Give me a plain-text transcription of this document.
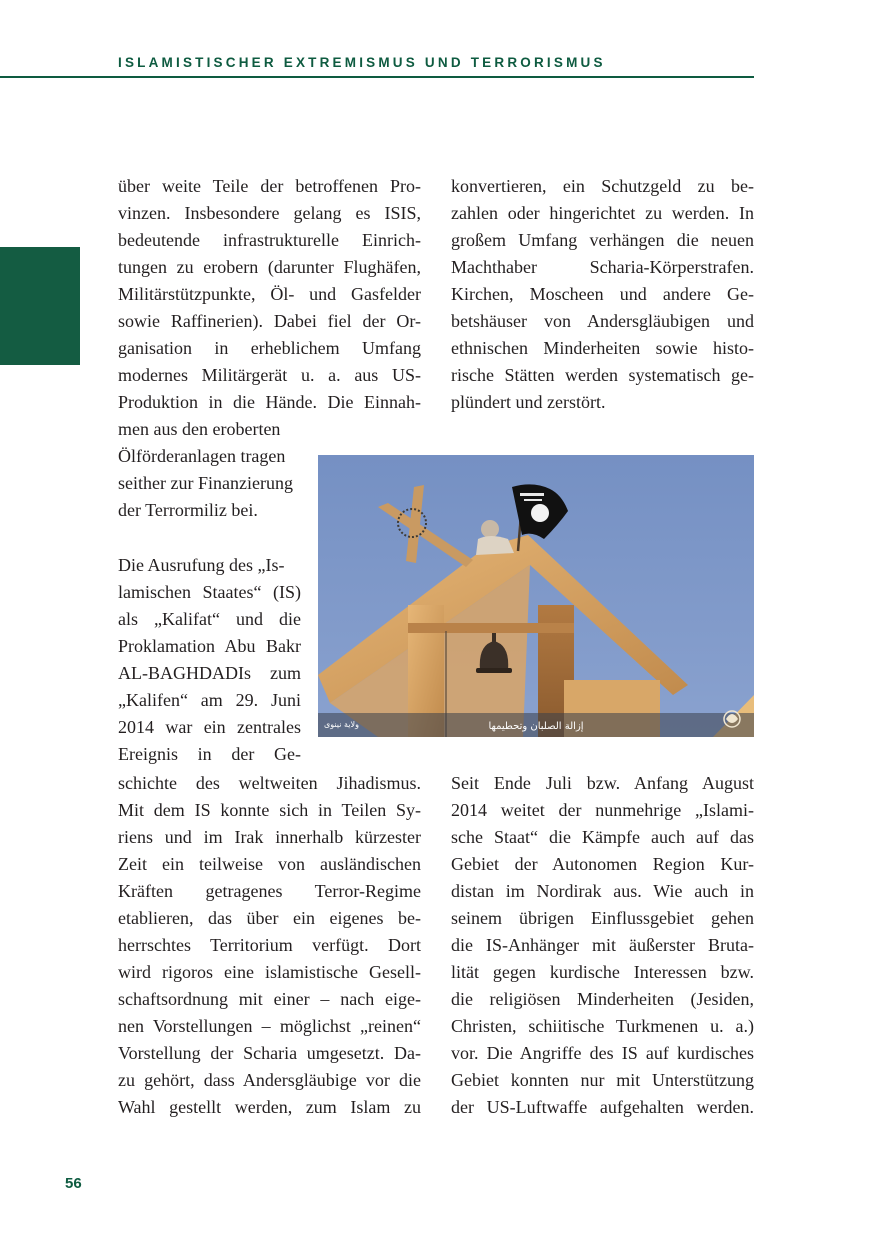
ISLAMISTISCHER EXTREMISMUS UND TERRORISMUS
über weite Teile der betroffenen Pro-
vinzen. Insbesondere gelang es ISIS,
bedeutende infrastrukturelle Einrich-
tungen zu erobern (darunter Flughäfen,
Militärstützpunkte, Öl- und Gasfelder
sowie Raffinerien). Dabei fiel der Or-
ganisation in erheblichem Umfang
modernes Militärgerät u. a. aus US-
Produktion in die Hände. Die Einnah-
men aus den eroberten
Ölförderanlagen tragen
seither zur Finanzierung
der Terrormiliz bei.
Die Ausrufung des „Is-
lamischen Staates“ (IS)
als „Kalifat“ und die
Proklamation Abu Bakr
AL-BAGHDADIs zum
„Kalifen“ am 29. Juni
2014 war ein zentrales
Ereignis in der Ge-
schichte des weltweiten Jihadismus.
Mit dem IS konnte sich in Teilen Sy-
riens und im Irak innerhalb kürzester
Zeit ein teilweise von ausländischen
Kräften getragenes Terror-Regime
etablieren, das über ein eigenes be-
herrschtes Territorium verfügt. Dort
wird rigoros eine islamistische Gesell-
schaftsordnung mit einer – nach eige-
nen Vorstellungen – möglichst „reinen“
Vorstellung der Scharia umgesetzt. Da-
zu gehört, dass Andersgläubige vor die
Wahl gestellt werden, zum Islam zu
konvertieren, ein Schutzgeld zu be-
zahlen oder hingerichtet zu werden. In
großem Umfang verhängen die neuen
Machthaber Scharia-Körperstrafen.
Kirchen, Moscheen und andere Ge-
betshäuser von Andersgläubigen und
ethnischen Minderheiten sowie histo-
rische Stätten werden systematisch ge-
plündert und zerstört.
Seit Ende Juli bzw. Anfang August
2014 weitet der nunmehrige „Islami-
sche Staat“ die Kämpfe auch auf das
Gebiet der Autonomen Region Kur-
distan im Nordirak aus. Wie auch in
seinem übrigen Einflussgebiet gehen
die IS-Anhänger mit äußerster Bruta-
lität gegen kurdische Interessen bzw.
die religiösen Minderheiten (Jesiden,
Christen, schiitische Turkmenen u. a.)
vor. Die Angriffe des IS auf kurdisches
Gebiet konnten nur mit Unterstützung
der US-Luftwaffe aufgehalten werden.
إزالة الصلبان وتحطيمها
ولاية نينوى
56
